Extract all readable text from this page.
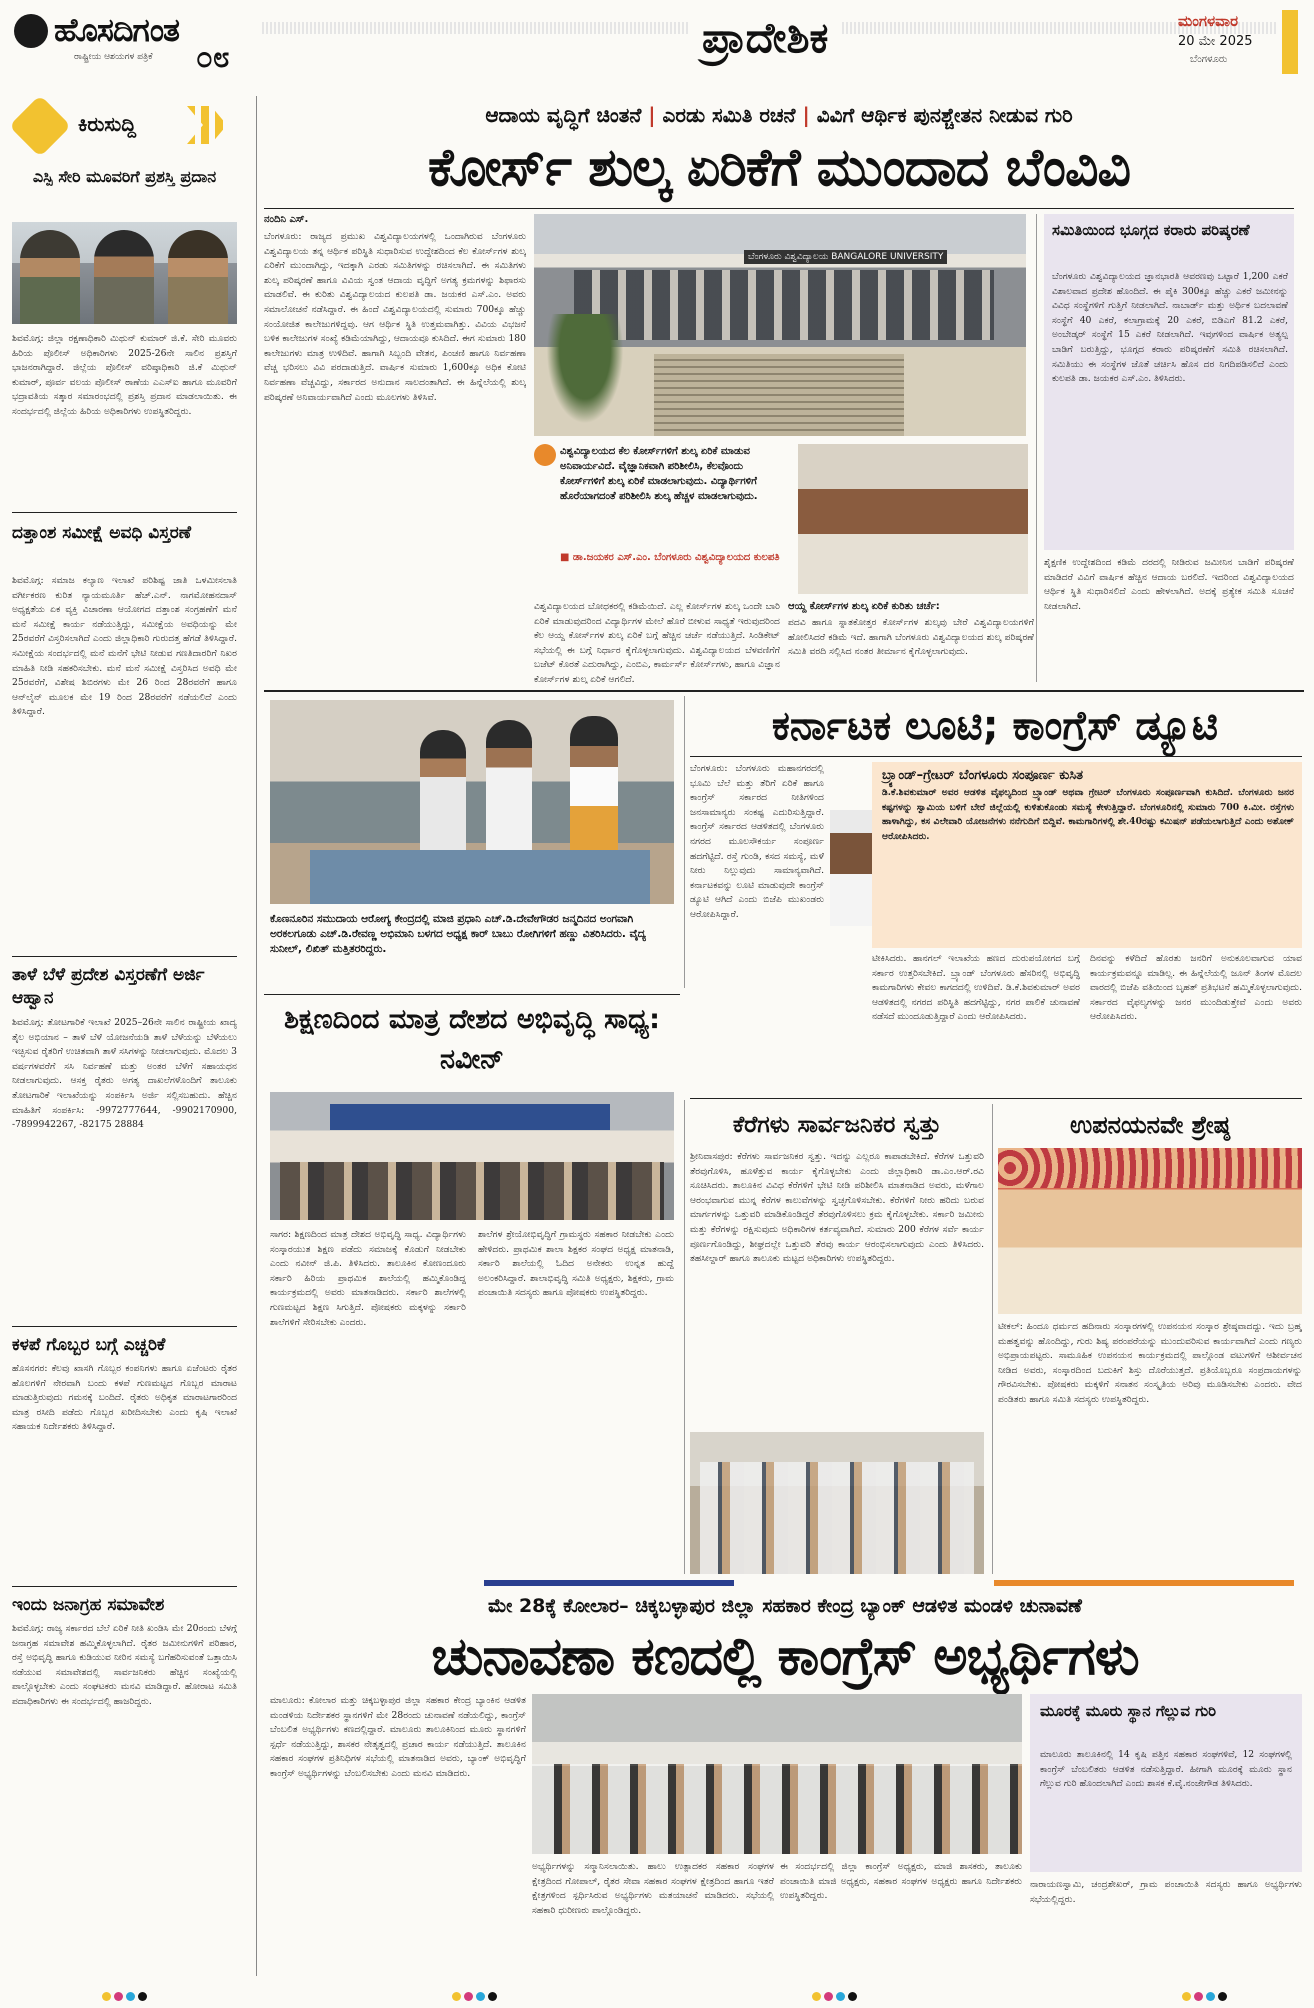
ಹೊಸದಿಗಂತ
ರಾಷ್ಟ್ರೀಯ ಆಶಯಗಳ ಪತ್ರಿಕೆ ೦೮	ಪ್ರಾದೇಶಿಕ	ಮಂಗಳವಾರ
20 ಮೇ 2025
ಬೆಂಗಳೂರು
ಕಿರುಸುದ್ದಿ
ಎಸ್ಪಿ ಸೇರಿ ಮೂವರಿಗೆ ಪ್ರಶಸ್ತಿ ಪ್ರದಾನ
ಶಿವಮೊಗ್ಗ: ಜಿಲ್ಲಾ ರಕ್ಷಣಾಧಿಕಾರಿ ಮಿಥುನ್ ಕುಮಾರ್ ಜಿ.ಕೆ. ಸೇರಿ ಮೂವರು ಹಿರಿಯ ಪೊಲೀಸ್ ಅಧಿಕಾರಿಗಳು 2025-26ನೇ ಸಾಲಿನ ಪ್ರಶಸ್ತಿಗೆ ಭಾಜನರಾಗಿದ್ದಾರೆ. ಜಿಲ್ಲೆಯ ಪೊಲೀಸ್ ವರಿಷ್ಠಾಧಿಕಾರಿ ಜಿ.ಕೆ ಮಿಥುನ್ ಕುಮಾರ್, ಪೂರ್ವ ವಲಯ ಪೊಲೀಸ್ ಠಾಣೆಯ ಎಎಸ್ಐ ಹಾಗೂ ಮೂವರಿಗೆ ಭದ್ರಾವತಿಯ ಸತ್ಕಾರ ಸಮಾರಂಭದಲ್ಲಿ ಪ್ರಶಸ್ತಿ ಪ್ರದಾನ ಮಾಡಲಾಯಿತು. ಈ ಸಂದರ್ಭದಲ್ಲಿ ಜಿಲ್ಲೆಯ ಹಿರಿಯ ಅಧಿಕಾರಿಗಳು ಉಪಸ್ಥಿತರಿದ್ದರು.
ದತ್ತಾಂಶ ಸಮೀಕ್ಷೆ ಅವಧಿ ವಿಸ್ತರಣೆ
ಶಿವಮೊಗ್ಗ: ಸಮಾಜ ಕಲ್ಯಾಣ ಇಲಾಖೆ ಪರಿಶಿಷ್ಟ ಜಾತಿ ಒಳಮೀಸಲಾತಿ ವರ್ಗೀಕರಣ ಕುರಿತ ನ್ಯಾಯಮೂರ್ತಿ ಹೆಚ್.ಎನ್. ನಾಗಮೋಹನದಾಸ್ ಅಧ್ಯಕ್ಷತೆಯ ಏಕ ವ್ಯಕ್ತಿ ವಿಚಾರಣಾ ಆಯೋಗದ ದತ್ತಾಂಶ ಸಂಗ್ರಹಣೆಗೆ ಮನೆ ಮನೆ ಸಮೀಕ್ಷೆ ಕಾರ್ಯ ನಡೆಯುತ್ತಿದ್ದು, ಸಮೀಕ್ಷೆಯ ಅವಧಿಯನ್ನು ಮೇ 25ರವರೆಗೆ ವಿಸ್ತರಿಸಲಾಗಿದೆ ಎಂದು ಜಿಲ್ಲಾಧಿಕಾರಿ ಗುರುದತ್ತ ಹೆಗಡೆ ತಿಳಿಸಿದ್ದಾರೆ. ಸಮೀಕ್ಷೆಯ ಸಂದರ್ಭದಲ್ಲಿ ಮನೆ ಮನೆಗೆ ಭೇಟಿ ನೀಡುವ ಗಣತಿದಾರರಿಗೆ ನಿಖರ ಮಾಹಿತಿ ನೀಡಿ ಸಹಕರಿಸಬೇಕು. ಮನೆ ಮನೆ ಸಮೀಕ್ಷೆ ವಿಸ್ತರಿಸಿದ ಅವಧಿ ಮೇ 25ರವರೆಗೆ, ವಿಶೇಷ ಶಿಬಿರಗಳು ಮೇ 26 ರಿಂದ 28ರವರೆಗೆ ಹಾಗೂ ಆನ್‌ಲೈನ್ ಮೂಲಕ ಮೇ 19 ರಿಂದ 28ರವರೆಗೆ ನಡೆಯಲಿದೆ ಎಂದು ತಿಳಿಸಿದ್ದಾರೆ.
ತಾಳೆ ಬೆಳೆ ಪ್ರದೇಶ ವಿಸ್ತರಣೆಗೆ ಅರ್ಜಿ ಆಹ್ವಾನ
ಶಿವಮೊಗ್ಗ: ತೋಟಗಾರಿಕೆ ಇಲಾಖೆ 2025–26ನೇ ಸಾಲಿನ ರಾಷ್ಟ್ರೀಯ ಖಾದ್ಯ ತೈಲ ಅಭಿಯಾನ – ತಾಳೆ ಬೆಳೆ ಯೋಜನೆಯಡಿ ತಾಳೆ ಬೆಳೆಯನ್ನು ಬೆಳೆಯಲು ಇಚ್ಛಿಸುವ ರೈತರಿಗೆ ಉಚಿತವಾಗಿ ತಾಳೆ ಸಸಿಗಳನ್ನು ನೀಡಲಾಗುವುದು. ಮೊದಲ 3 ವರ್ಷಗಳವರೆಗೆ ಸಸಿ ನಿರ್ವಹಣೆ ಮತ್ತು ಅಂತರ ಬೆಳೆಗೆ ಸಹಾಯಧನ ನೀಡಲಾಗುವುದು. ಆಸಕ್ತ ರೈತರು ಅಗತ್ಯ ದಾಖಲೆಗಳೊಂದಿಗೆ ತಾಲೂಕು ತೋಟಗಾರಿಕೆ ಇಲಾಖೆಯನ್ನು ಸಂಪರ್ಕಿಸಿ ಅರ್ಜಿ ಸಲ್ಲಿಸಬಹುದು. ಹೆಚ್ಚಿನ ಮಾಹಿತಿಗೆ ಸಂಪರ್ಕಿಸಿ: -9972777644, -9902170900, -7899942267, -82175 28884
ಕಳಪೆ ಗೊಬ್ಬರ ಬಗ್ಗೆ ಎಚ್ಚರಿಕೆ
ಹೊಸನಗರ: ಕೆಲವು ಖಾಸಗಿ ಗೊಬ್ಬರ ಕಂಪನಿಗಳು ಹಾಗೂ ಏಜೆಂಟರು ರೈತರ ಹೊಲಗಳಿಗೆ ನೇರವಾಗಿ ಬಂದು ಕಳಪೆ ಗುಣಮಟ್ಟದ ಗೊಬ್ಬರ ಮಾರಾಟ ಮಾಡುತ್ತಿರುವುದು ಗಮನಕ್ಕೆ ಬಂದಿದೆ. ರೈತರು ಅಧಿಕೃತ ಮಾರಾಟಗಾರರಿಂದ ಮಾತ್ರ ರಸೀದಿ ಪಡೆದು ಗೊಬ್ಬರ ಖರೀದಿಸಬೇಕು ಎಂದು ಕೃಷಿ ಇಲಾಖೆ ಸಹಾಯಕ ನಿರ್ದೇಶಕರು ತಿಳಿಸಿದ್ದಾರೆ.
ಇಂದು ಜನಾಗ್ರಹ ಸಮಾವೇಶ
ಶಿವಮೊಗ್ಗ: ರಾಜ್ಯ ಸರ್ಕಾರದ ಬೆಲೆ ಏರಿಕೆ ನೀತಿ ಖಂಡಿಸಿ ಮೇ 20ರಂದು ಬೆಳಗ್ಗೆ ಜನಾಗ್ರಹ ಸಮಾವೇಶ ಹಮ್ಮಿಕೊಳ್ಳಲಾಗಿದೆ. ರೈತರ ಜಮೀನುಗಳಿಗೆ ಪರಿಹಾರ, ರಸ್ತೆ ಅಭಿವೃದ್ಧಿ ಹಾಗೂ ಕುಡಿಯುವ ನೀರಿನ ಸಮಸ್ಯೆ ಬಗೆಹರಿಸುವಂತೆ ಒತ್ತಾಯಿಸಿ ನಡೆಯುವ ಸಮಾವೇಶದಲ್ಲಿ ಸಾರ್ವಜನಿಕರು ಹೆಚ್ಚಿನ ಸಂಖ್ಯೆಯಲ್ಲಿ ಪಾಲ್ಗೊಳ್ಳಬೇಕು ಎಂದು ಸಂಘಟಕರು ಮನವಿ ಮಾಡಿದ್ದಾರೆ. ಹೋರಾಟ ಸಮಿತಿ ಪದಾಧಿಕಾರಿಗಳು ಈ ಸಂದರ್ಭದಲ್ಲಿ ಹಾಜರಿದ್ದರು.
ಆದಾಯ ವೃದ್ಧಿಗೆ ಚಿಂತನೆ | ಎರಡು ಸಮಿತಿ ರಚನೆ | ವಿವಿಗೆ ಆರ್ಥಿಕ ಪುನಶ್ಚೇತನ ನೀಡುವ ಗುರಿ
ಕೋರ್ಸ್ ಶುಲ್ಕ ಏರಿಕೆಗೆ ಮುಂದಾದ ಬೆಂವಿವಿ
ನಂದಿನಿ ಎಸ್.
ಬೆಂಗಳೂರು: ರಾಜ್ಯದ ಪ್ರಮುಖ ವಿಶ್ವವಿದ್ಯಾಲಯಗಳಲ್ಲಿ ಒಂದಾಗಿರುವ ಬೆಂಗಳೂರು ವಿಶ್ವವಿದ್ಯಾಲಯ ತನ್ನ ಆರ್ಥಿಕ ಪರಿಸ್ಥಿತಿ ಸುಧಾರಿಸುವ ಉದ್ದೇಶದಿಂದ ಕೆಲ ಕೋರ್ಸ್‌ಗಳ ಶುಲ್ಕ ಏರಿಕೆಗೆ ಮುಂದಾಗಿದ್ದು, ಇದಕ್ಕಾಗಿ ಎರಡು ಸಮಿತಿಗಳನ್ನು ರಚಿಸಲಾಗಿದೆ. ಈ ಸಮಿತಿಗಳು ಶುಲ್ಕ ಪರಿಷ್ಕರಣೆ ಹಾಗೂ ವಿವಿಯ ಸ್ವಂತ ಆದಾಯ ವೃದ್ಧಿಗೆ ಅಗತ್ಯ ಕ್ರಮಗಳನ್ನು ಶಿಫಾರಸು ಮಾಡಲಿವೆ. ಈ ಕುರಿತು ವಿಶ್ವವಿದ್ಯಾಲಯದ ಕುಲಪತಿ ಡಾ. ಜಯಕರ ಎಸ್.ಎಂ. ಅವರು ಸಮಾಲೋಚನೆ ನಡೆಸಿದ್ದಾರೆ. ಈ ಹಿಂದೆ ವಿಶ್ವವಿದ್ಯಾಲಯದಲ್ಲಿ ಸುಮಾರು 700ಕ್ಕೂ ಹೆಚ್ಚು ಸಂಯೋಜಿತ ಕಾಲೇಜುಗಳಿದ್ದವು. ಆಗ ಆರ್ಥಿಕ ಸ್ಥಿತಿ ಉತ್ತಮವಾಗಿತ್ತು. ವಿವಿಯ ವಿಭಜನೆ ಬಳಿಕ ಕಾಲೇಜುಗಳ ಸಂಖ್ಯೆ ಕಡಿಮೆಯಾಗಿದ್ದು, ಆದಾಯವೂ ಕುಸಿದಿದೆ. ಈಗ ಸುಮಾರು 180 ಕಾಲೇಜುಗಳು ಮಾತ್ರ ಉಳಿದಿವೆ. ಹಾಗಾಗಿ ಸಿಬ್ಬಂದಿ ವೇತನ, ಪಿಂಚಣಿ ಹಾಗೂ ನಿರ್ವಹಣಾ ವೆಚ್ಚ ಭರಿಸಲು ವಿವಿ ಪರದಾಡುತ್ತಿದೆ. ವಾರ್ಷಿಕ ಸುಮಾರು 1,600ಕ್ಕೂ ಅಧಿಕ ಕೋಟಿ ನಿರ್ವಹಣಾ ವೆಚ್ಚವಿದ್ದು, ಸರ್ಕಾರದ ಅನುದಾನ ಸಾಲದಂತಾಗಿದೆ. ಈ ಹಿನ್ನೆಲೆಯಲ್ಲಿ ಶುಲ್ಕ ಪರಿಷ್ಕರಣೆ ಅನಿವಾರ್ಯವಾಗಿದೆ ಎಂದು ಮೂಲಗಳು ತಿಳಿಸಿವೆ.
ಬೆಂಗಳೂರು ವಿಶ್ವವಿದ್ಯಾಲಯ BANGALORE UNIVERSITY
ವಿಶ್ವವಿದ್ಯಾಲಯದ ಕೆಲ ಕೋರ್ಸ್‌ಗಳಿಗೆ ಶುಲ್ಕ ಏರಿಕೆ ಮಾಡುವ ಅನಿವಾರ್ಯವಿದೆ. ವೈಜ್ಞಾನಿಕವಾಗಿ ಪರಿಶೀಲಿಸಿ, ಕೆಲವೊಂದು ಕೋರ್ಸ್‌ಗಳಿಗೆ ಶುಲ್ಕ ಏರಿಕೆ ಮಾಡಲಾಗುವುದು. ವಿದ್ಯಾರ್ಥಿಗಳಿಗೆ ಹೊರೆಯಾಗದಂತೆ ಪರಿಶೀಲಿಸಿ ಶುಲ್ಕ ಹೆಚ್ಚಳ ಮಾಡಲಾಗುವುದು.
■ ಡಾ.ಜಯಕರ ಎಸ್.ಎಂ. ಬೆಂಗಳೂರು ವಿಶ್ವವಿದ್ಯಾಲಯದ ಕುಲಪತಿ
ವಿಶ್ವವಿದ್ಯಾಲಯದ ಬೋಧಕರಲ್ಲಿ ಕಡಿಮೆಯಿದೆ. ಎಲ್ಲ ಕೋರ್ಸ್‌ಗಳ ಶುಲ್ಕ ಒಂದೇ ಬಾರಿ ಏರಿಕೆ ಮಾಡುವುದರಿಂದ ವಿದ್ಯಾರ್ಥಿಗಳ ಮೇಲೆ ಹೊರೆ ಬೀಳುವ ಸಾಧ್ಯತೆ ಇರುವುದರಿಂದ ಕೆಲ ಆಯ್ದ ಕೋರ್ಸ್‌ಗಳ ಶುಲ್ಕ ಏರಿಕೆ ಬಗ್ಗೆ ಹೆಚ್ಚಿನ ಚರ್ಚೆ ನಡೆಯುತ್ತಿದೆ. ಸಿಂಡಿಕೇಟ್ ಸಭೆಯಲ್ಲಿ ಈ ಬಗ್ಗೆ ನಿರ್ಧಾರ ಕೈಗೊಳ್ಳಲಾಗುವುದು. ವಿಶ್ವವಿದ್ಯಾಲಯದ ಬೆಳವಣಿಗೆಗೆ ಬಜೆಟ್ ಕೊರತೆ ಎದುರಾಗಿದ್ದು, ಎಂಬಿಎ, ಕಾರ್ಮರ್ಸ್ ಕೋರ್ಸ್‌ಗಳು, ಹಾಗೂ ವಿಜ್ಞಾನ ಕೋರ್ಸ್‌ಗಳ ಶುಲ್ಕ ಏರಿಕೆ ಆಗಲಿದೆ.
ಆಯ್ದ ಕೋರ್ಸ್‌ಗಳ ಶುಲ್ಕ ಏರಿಕೆ ಕುರಿತು ಚರ್ಚೆ:
ಪದವಿ ಹಾಗೂ ಸ್ನಾತಕೋತ್ತರ ಕೋರ್ಸ್‌ಗಳ ಶುಲ್ಕವು ಬೇರೆ ವಿಶ್ವವಿದ್ಯಾಲಯಗಳಿಗೆ ಹೋಲಿಸಿದರೆ ಕಡಿಮೆ ಇದೆ. ಹಾಗಾಗಿ ಬೆಂಗಳೂರು ವಿಶ್ವವಿದ್ಯಾಲಯದ ಶುಲ್ಕ ಪರಿಷ್ಕರಣೆ ಸಮಿತಿ ವರದಿ ಸಲ್ಲಿಸಿದ ನಂತರ ತೀರ್ಮಾನ ಕೈಗೊಳ್ಳಲಾಗುವುದು.
ಸಮಿತಿಯಿಂದ ಭೂಗ್ಗದ ಕರಾರು ಪರಿಷ್ಕರಣೆ
ಬೆಂಗಳೂರು ವಿಶ್ವವಿದ್ಯಾಲಯದ ಜ್ಞಾನಭಾರತಿ ಆವರಣವು ಒಟ್ಟಾರೆ 1,200 ಎಕರೆ ವಿಶಾಲವಾದ ಪ್ರದೇಶ ಹೊಂದಿದೆ. ಈ ಪೈಕಿ 300ಕ್ಕೂ ಹೆಚ್ಚು ಎಕರೆ ಜಮೀನನ್ನು ವಿವಿಧ ಸಂಸ್ಥೆಗಳಿಗೆ ಗುತ್ತಿಗೆ ನೀಡಲಾಗಿದೆ. ನಾಬಾರ್ಡ್ ಮತ್ತು ಅರ್ಥಿಕ ಬದಲಾವಣೆ ಸಂಸ್ಥೆಗೆ 40 ಎಕರೆ, ಕಲಾಗ್ರಾಮಕ್ಕೆ 20 ಎಕರೆ, ಬಿಡಿಎಗೆ 81.2 ಎಕರೆ, ಅಂಬೇಡ್ಕರ್ ಸಂಸ್ಥೆಗೆ 15 ಎಕರೆ ನೀಡಲಾಗಿದೆ. ಇವುಗಳಿಂದ ವಾರ್ಷಿಕ ಅತ್ಯಲ್ಪ ಬಾಡಿಗೆ ಬರುತ್ತಿದ್ದು, ಭೂಗ್ಗದ ಕರಾರು ಪರಿಷ್ಕರಣೆಗೆ ಸಮಿತಿ ರಚಿಸಲಾಗಿದೆ. ಸಮಿತಿಯು ಈ ಸಂಸ್ಥೆಗಳ ಜೊತೆ ಚರ್ಚಿಸಿ ಹೊಸ ದರ ನಿಗದಿಪಡಿಸಲಿದೆ ಎಂದು ಕುಲಪತಿ ಡಾ. ಜಯಕರ ಎಸ್.ಎಂ. ತಿಳಿಸಿದರು.
ಶೈಕ್ಷಣಿಕ ಉದ್ದೇಶದಿಂದ ಕಡಿಮೆ ದರದಲ್ಲಿ ನೀಡಿರುವ ಜಮೀನಿನ ಬಾಡಿಗೆ ಪರಿಷ್ಕರಣೆ ಮಾಡಿದರೆ ವಿವಿಗೆ ವಾರ್ಷಿಕ ಹೆಚ್ಚಿನ ಆದಾಯ ಬರಲಿದೆ. ಇದರಿಂದ ವಿಶ್ವವಿದ್ಯಾಲಯದ ಆರ್ಥಿಕ ಸ್ಥಿತಿ ಸುಧಾರಿಸಲಿದೆ ಎಂದು ಹೇಳಲಾಗಿದೆ. ಅದಕ್ಕೆ ಪ್ರತ್ಯೇಕ ಸಮಿತಿ ಸೂಚನೆ ನೀಡಲಾಗಿದೆ.
ಕೊಣನೂರಿನ ಸಮುದಾಯ ಆರೋಗ್ಯ ಕೇಂದ್ರದಲ್ಲಿ ಮಾಜಿ ಪ್ರಧಾನಿ ಎಚ್.ಡಿ.ದೇವೇಗೌಡರ ಜನ್ಮದಿನದ ಅಂಗವಾಗಿ ಅರಕಲಗೂಡು ಎಚ್.ಡಿ.ರೇವಣ್ಣ ಅಭಿಮಾನಿ ಬಳಗದ ಅಧ್ಯಕ್ಷ ಕಾರ್ ಬಾಬು ರೋಗಿಗಳಿಗೆ ಹಣ್ಣು ವಿತರಿಸಿದರು. ವೈದ್ಯ ಸುನೀಲ್, ಲಿಖಿತ್ ಮತ್ತಿತರರಿದ್ದರು.
ಕರ್ನಾಟಕ ಲೂಟಿ; ಕಾಂಗ್ರೆಸ್ ಡ್ಯೂಟಿ
ಬೆಂಗಳೂರು: ಬೆಂಗಳೂರು ಮಹಾನಗರದಲ್ಲಿ ಭೂಮಿ ಬೆಲೆ ಮತ್ತು ತೆರಿಗೆ ಏರಿಕೆ ಹಾಗೂ ಕಾಂಗ್ರೆಸ್ ಸರ್ಕಾರದ ನೀತಿಗಳಿಂದ ಜನಸಾಮಾನ್ಯರು ಸಂಕಷ್ಟ ಎದುರಿಸುತ್ತಿದ್ದಾರೆ. ಕಾಂಗ್ರೆಸ್ ಸರ್ಕಾರದ ಆಡಳಿತದಲ್ಲಿ ಬೆಂಗಳೂರು ನಗರದ ಮೂಲಸೌಕರ್ಯ ಸಂಪೂರ್ಣ ಹದಗೆಟ್ಟಿದೆ. ರಸ್ತೆ ಗುಂಡಿ, ಕಸದ ಸಮಸ್ಯೆ, ಮಳೆ ನೀರು ನಿಲ್ಲುವುದು ಸಾಮಾನ್ಯವಾಗಿದೆ. ಕರ್ನಾಟಕವನ್ನು ಲೂಟಿ ಮಾಡುವುದೇ ಕಾಂಗ್ರೆಸ್ ಡ್ಯೂಟಿ ಆಗಿದೆ ಎಂದು ಬಿಜೆಪಿ ಮುಖಂಡರು ಆರೋಪಿಸಿದ್ದಾರೆ.
ಬ್ರ್ಯಾಂಡ್–ಗ್ರೇಟರ್ ಬೆಂಗಳೂರು ಸಂಪೂರ್ಣ ಕುಸಿತ
ಡಿ.ಕೆ.ಶಿವಕುಮಾರ್ ಅವರ ಆಡಳಿತ ವೈಫಲ್ಯದಿಂದ ಬ್ರ್ಯಾಂಡ್ ಅಥವಾ ಗ್ರೇಟರ್ ಬೆಂಗಳೂರು ಸಂಪೂರ್ಣವಾಗಿ ಕುಸಿದಿದೆ. ಬೆಂಗಳೂರು ಜನರ ಕಷ್ಟಗಳನ್ನು ಸ್ವಾಮಿಯ ಬಳಿಗೆ ಬೇರೆ ಜಿಲ್ಲೆಯಲ್ಲಿ ಕುಳಿತುಕೊಂಡು ಸಮಸ್ಯೆ ಕೇಳುತ್ತಿದ್ದಾರೆ. ಬೆಂಗಳೂರಿನಲ್ಲಿ ಸುಮಾರು 700 ಕಿ.ಮೀ. ರಸ್ತೆಗಳು ಹಾಳಾಗಿದ್ದು, ಕಸ ವಿಲೇವಾರಿ ಯೋಜನೆಗಳು ನನೆಗುದಿಗೆ ಬಿದ್ದಿವೆ. ಕಾಮಗಾರಿಗಳಲ್ಲಿ ಶೇ.40ರಷ್ಟು ಕಮಿಷನ್ ಪಡೆಯಲಾಗುತ್ತಿದೆ ಎಂದು ಅಶೋಕ್ ಆರೋಪಿಸಿದರು.
ಟೀಕಿಸಿದರು. ಹಾನಗಲ್ ಇಲಾಖೆಯ ಹಣದ ದುರುಪಯೋಗದ ಬಗ್ಗೆ ಸರ್ಕಾರ ಉತ್ತರಿಸಬೇಕಿದೆ. ಬ್ರ್ಯಾಂಡ್ ಬೆಂಗಳೂರು ಹೆಸರಿನಲ್ಲಿ ಅಭಿವೃದ್ಧಿ ಕಾಮಗಾರಿಗಳು ಕೇವಲ ಕಾಗದದಲ್ಲಿ ಉಳಿದಿವೆ. ಡಿ.ಕೆ.ಶಿವಕುಮಾರ್ ಅವರ ಆಡಳಿತದಲ್ಲಿ ನಗರದ ಪರಿಸ್ಥಿತಿ ಹದಗೆಟ್ಟಿದ್ದು, ನಗರ ಪಾಲಿಕೆ ಚುನಾವಣೆ ನಡೆಸದೆ ಮುಂದೂಡುತ್ತಿದ್ದಾರೆ ಎಂದು ಆರೋಪಿಸಿದರು.
ದಿನವನ್ನು ಕಳೆದಿದೆ ಹೊರತು ಜನರಿಗೆ ಅನುಕೂಲವಾಗುವ ಯಾವ ಕಾರ್ಯಕ್ರಮವನ್ನೂ ಮಾಡಿಲ್ಲ. ಈ ಹಿನ್ನೆಲೆಯಲ್ಲಿ ಜೂನ್ ತಿಂಗಳ ಮೊದಲ ವಾರದಲ್ಲಿ ಬಿಜೆಪಿ ವತಿಯಿಂದ ಬೃಹತ್ ಪ್ರತಿಭಟನೆ ಹಮ್ಮಿಕೊಳ್ಳಲಾಗುವುದು. ಸರ್ಕಾರದ ವೈಫಲ್ಯಗಳನ್ನು ಜನರ ಮುಂದಿಡುತ್ತೇವೆ ಎಂದು ಅವರು ಆರೋಪಿಸಿದರು.
ಶಿಕ್ಷಣದಿಂದ ಮಾತ್ರ ದೇಶದ ಅಭಿವೃದ್ಧಿ ಸಾಧ್ಯ: ನವೀನ್
ಸಾಗರ: ಶಿಕ್ಷಣದಿಂದ ಮಾತ್ರ ದೇಶದ ಅಭಿವೃದ್ಧಿ ಸಾಧ್ಯ. ವಿದ್ಯಾರ್ಥಿಗಳು ಸಂಸ್ಕಾರಯುತ ಶಿಕ್ಷಣ ಪಡೆದು ಸಮಾಜಕ್ಕೆ ಕೊಡುಗೆ ನೀಡಬೇಕು ಎಂದು ನವೀನ್ ಜಿ.ಪಿ. ತಿಳಿಸಿದರು. ತಾಲೂಕಿನ ಕೋಣಂದೂರು ಸರ್ಕಾರಿ ಹಿರಿಯ ಪ್ರಾಥಮಿಕ ಶಾಲೆಯಲ್ಲಿ ಹಮ್ಮಿಕೊಂಡಿದ್ದ ಕಾರ್ಯಕ್ರಮದಲ್ಲಿ ಅವರು ಮಾತನಾಡಿದರು. ಸರ್ಕಾರಿ ಶಾಲೆಗಳಲ್ಲಿ ಗುಣಮಟ್ಟದ ಶಿಕ್ಷಣ ಸಿಗುತ್ತಿದೆ. ಪೋಷಕರು ಮಕ್ಕಳನ್ನು ಸರ್ಕಾರಿ ಶಾಲೆಗಳಿಗೆ ಸೇರಿಸಬೇಕು ಎಂದರು.
ಶಾಲೆಗಳ ಶ್ರೇಯೋಭಿವೃದ್ಧಿಗೆ ಗ್ರಾಮಸ್ಥರು ಸಹಕಾರ ನೀಡಬೇಕು ಎಂದು ಹೇಳಿದರು. ಪ್ರಾಥಮಿಕ ಶಾಲಾ ಶಿಕ್ಷಕರ ಸಂಘದ ಅಧ್ಯಕ್ಷ ಮಾತನಾಡಿ, ಸರ್ಕಾರಿ ಶಾಲೆಯಲ್ಲಿ ಓದಿದ ಅನೇಕರು ಉನ್ನತ ಹುದ್ದೆ ಅಲಂಕರಿಸಿದ್ದಾರೆ. ಶಾಲಾಭಿವೃದ್ಧಿ ಸಮಿತಿ ಅಧ್ಯಕ್ಷರು, ಶಿಕ್ಷಕರು, ಗ್ರಾಮ ಪಂಚಾಯಿತಿ ಸದಸ್ಯರು ಹಾಗೂ ಪೋಷಕರು ಉಪಸ್ಥಿತರಿದ್ದರು.
ಕೆರೆಗಳು ಸಾರ್ವಜನಿಕರ ಸ್ವತ್ತು
ಶ್ರೀನಿವಾಸಪುರ: ಕೆರೆಗಳು ಸಾರ್ವಜನಿಕರ ಸ್ವತ್ತು. ಇದನ್ನು ಎಲ್ಲರೂ ಕಾಪಾಡಬೇಕಿದೆ. ಕೆರೆಗಳ ಒತ್ತುವರಿ ತೆರವುಗೊಳಿಸಿ, ಹೂಳೆತ್ತುವ ಕಾರ್ಯ ಕೈಗೊಳ್ಳಬೇಕು ಎಂದು ಜಿಲ್ಲಾಧಿಕಾರಿ ಡಾ.ಎಂ.ಆರ್.ರವಿ ಸೂಚಿಸಿದರು. ತಾಲೂಕಿನ ವಿವಿಧ ಕೆರೆಗಳಿಗೆ ಭೇಟಿ ನೀಡಿ ಪರಿಶೀಲಿಸಿ ಮಾತನಾಡಿದ ಅವರು, ಮಳೆಗಾಲ ಆರಂಭವಾಗುವ ಮುನ್ನ ಕೆರೆಗಳ ಕಾಲುವೆಗಳನ್ನು ಸ್ವಚ್ಛಗೊಳಿಸಬೇಕು. ಕೆರೆಗಳಿಗೆ ನೀರು ಹರಿದು ಬರುವ ಮಾರ್ಗಗಳನ್ನು ಒತ್ತುವರಿ ಮಾಡಿಕೊಂಡಿದ್ದರೆ ತೆರವುಗೊಳಿಸಲು ಕ್ರಮ ಕೈಗೊಳ್ಳಬೇಕು. ಸರ್ಕಾರಿ ಜಮೀನು ಮತ್ತು ಕೆರೆಗಳನ್ನು ರಕ್ಷಿಸುವುದು ಅಧಿಕಾರಿಗಳ ಕರ್ತವ್ಯವಾಗಿದೆ. ಸುಮಾರು 200 ಕೆರೆಗಳ ಸರ್ವೆ ಕಾರ್ಯ ಪೂರ್ಣಗೊಂಡಿದ್ದು, ಶೀಘ್ರದಲ್ಲೇ ಒತ್ತುವರಿ ತೆರವು ಕಾರ್ಯ ಆರಂಭಿಸಲಾಗುವುದು ಎಂದು ತಿಳಿಸಿದರು. ತಹಸೀಲ್ದಾರ್ ಹಾಗೂ ತಾಲೂಕು ಮಟ್ಟದ ಅಧಿಕಾರಿಗಳು ಉಪಸ್ಥಿತರಿದ್ದರು.
ಉಪನಯನವೇ ಶ್ರೇಷ್ಠ
ಟೀಕಲ್: ಹಿಂದೂ ಧರ್ಮದ ಹದಿನಾರು ಸಂಸ್ಕಾರಗಳಲ್ಲಿ ಉಪನಯನ ಸಂಸ್ಕಾರ ಶ್ರೇಷ್ಠವಾದದ್ದು. ಇದು ಬ್ರಹ್ಮ ಮಹತ್ವವನ್ನು ಹೊಂದಿದ್ದು, ಗುರು ಶಿಷ್ಯ ಪರಂಪರೆಯನ್ನು ಮುಂದುವರಿಸುವ ಕಾರ್ಯವಾಗಿದೆ ಎಂದು ಗಣ್ಯರು ಅಭಿಪ್ರಾಯಪಟ್ಟರು. ಸಾಮೂಹಿಕ ಉಪನಯನ ಕಾರ್ಯಕ್ರಮದಲ್ಲಿ ಪಾಲ್ಗೊಂಡ ವಟುಗಳಿಗೆ ಆಶೀರ್ವಚನ ನೀಡಿದ ಅವರು, ಸಂಸ್ಕಾರದಿಂದ ಬದುಕಿಗೆ ಶಿಸ್ತು ದೊರೆಯುತ್ತದೆ. ಪ್ರತಿಯೊಬ್ಬರೂ ಸಂಪ್ರದಾಯಗಳನ್ನು ಗೌರವಿಸಬೇಕು. ಪೋಷಕರು ಮಕ್ಕಳಿಗೆ ಸನಾತನ ಸಂಸ್ಕೃತಿಯ ಅರಿವು ಮೂಡಿಸಬೇಕು ಎಂದರು. ವೇದ ಪಂಡಿತರು ಹಾಗೂ ಸಮಿತಿ ಸದಸ್ಯರು ಉಪಸ್ಥಿತರಿದ್ದರು.
ಮೇ 28ಕ್ಕೆ ಕೋಲಾರ– ಚಿಕ್ಕಬಳ್ಳಾಪುರ ಜಿಲ್ಲಾ ಸಹಕಾರ ಕೇಂದ್ರ ಬ್ಯಾಂಕ್ ಆಡಳಿತ ಮಂಡಳಿ ಚುನಾವಣೆ
ಚುನಾವಣಾ ಕಣದಲ್ಲಿ ಕಾಂಗ್ರೆಸ್ ಅಭ್ಯರ್ಥಿಗಳು
ಮಾಲೂರು: ಕೋಲಾರ ಮತ್ತು ಚಿಕ್ಕಬಳ್ಳಾಪುರ ಜಿಲ್ಲಾ ಸಹಕಾರ ಕೇಂದ್ರ ಬ್ಯಾಂಕಿನ ಆಡಳಿತ ಮಂಡಳಿಯ ನಿರ್ದೇಶಕರ ಸ್ಥಾನಗಳಿಗೆ ಮೇ 28ರಂದು ಚುನಾವಣೆ ನಡೆಯಲಿದ್ದು, ಕಾಂಗ್ರೆಸ್ ಬೆಂಬಲಿತ ಅಭ್ಯರ್ಥಿಗಳು ಕಣದಲ್ಲಿದ್ದಾರೆ. ಮಾಲೂರು ತಾಲೂಕಿನಿಂದ ಮೂರು ಸ್ಥಾನಗಳಿಗೆ ಸ್ಪರ್ಧೆ ನಡೆಯುತ್ತಿದ್ದು, ಶಾಸಕರ ನೇತೃತ್ವದಲ್ಲಿ ಪ್ರಚಾರ ಕಾರ್ಯ ನಡೆಯುತ್ತಿದೆ. ತಾಲೂಕಿನ ಸಹಕಾರ ಸಂಘಗಳ ಪ್ರತಿನಿಧಿಗಳ ಸಭೆಯಲ್ಲಿ ಮಾತನಾಡಿದ ಅವರು, ಬ್ಯಾಂಕ್ ಅಭಿವೃದ್ಧಿಗೆ ಕಾಂಗ್ರೆಸ್ ಅಭ್ಯರ್ಥಿಗಳನ್ನು ಬೆಂಬಲಿಸಬೇಕು ಎಂದು ಮನವಿ ಮಾಡಿದರು.
ಅಭ್ಯರ್ಥಿಗಳನ್ನು ಸನ್ಮಾನಿಸಲಾಯಿತು. ಹಾಲು ಉತ್ಪಾದಕರ ಸಹಕಾರ ಸಂಘಗಳ ಕ್ಷೇತ್ರದಿಂದ ಗೋಪಾಲ್, ರೈತರ ಸೇವಾ ಸಹಕಾರ ಸಂಘಗಳ ಕ್ಷೇತ್ರದಿಂದ ಹಾಗೂ ಇತರೆ ಕ್ಷೇತ್ರಗಳಿಂದ ಸ್ಪರ್ಧಿಸಿರುವ ಅಭ್ಯರ್ಥಿಗಳು ಮತಯಾಚನೆ ಮಾಡಿದರು. ಸಭೆಯಲ್ಲಿ ಸಹಕಾರಿ ಧುರೀಣರು ಪಾಲ್ಗೊಂಡಿದ್ದರು.
ಈ ಸಂದರ್ಭದಲ್ಲಿ ಜಿಲ್ಲಾ ಕಾಂಗ್ರೆಸ್ ಅಧ್ಯಕ್ಷರು, ಮಾಜಿ ಶಾಸಕರು, ತಾಲೂಕು ಪಂಚಾಯಿತಿ ಮಾಜಿ ಅಧ್ಯಕ್ಷರು, ಸಹಕಾರ ಸಂಘಗಳ ಅಧ್ಯಕ್ಷರು ಹಾಗೂ ನಿರ್ದೇಶಕರು ಉಪಸ್ಥಿತರಿದ್ದರು.
ಮೂರಕ್ಕೆ ಮೂರು ಸ್ಥಾನ ಗೆಲ್ಲುವ ಗುರಿ
ಮಾಲೂರು ತಾಲೂಕಿನಲ್ಲಿ 14 ಕೃಷಿ ಪತ್ತಿನ ಸಹಕಾರ ಸಂಘಗಳಿವೆ, 12 ಸಂಘಗಳಲ್ಲಿ ಕಾಂಗ್ರೆಸ್ ಬೆಂಬಲಿತರು ಆಡಳಿತ ನಡೆಸುತ್ತಿದ್ದಾರೆ. ಹೀಗಾಗಿ ಮೂರಕ್ಕೆ ಮೂರು ಸ್ಥಾನ ಗೆಲ್ಲುವ ಗುರಿ ಹೊಂದಲಾಗಿದೆ ಎಂದು ಶಾಸಕ ಕೆ.ವೈ.ನಂಜೇಗೌಡ ತಿಳಿಸಿದರು.
ನಾರಾಯಣಸ್ವಾಮಿ, ಚಂದ್ರಶೇಖರ್, ಗ್ರಾಮ ಪಂಚಾಯಿತಿ ಸದಸ್ಯರು ಹಾಗೂ ಅಭ್ಯರ್ಥಿಗಳು ಸಭೆಯಲ್ಲಿದ್ದರು.
